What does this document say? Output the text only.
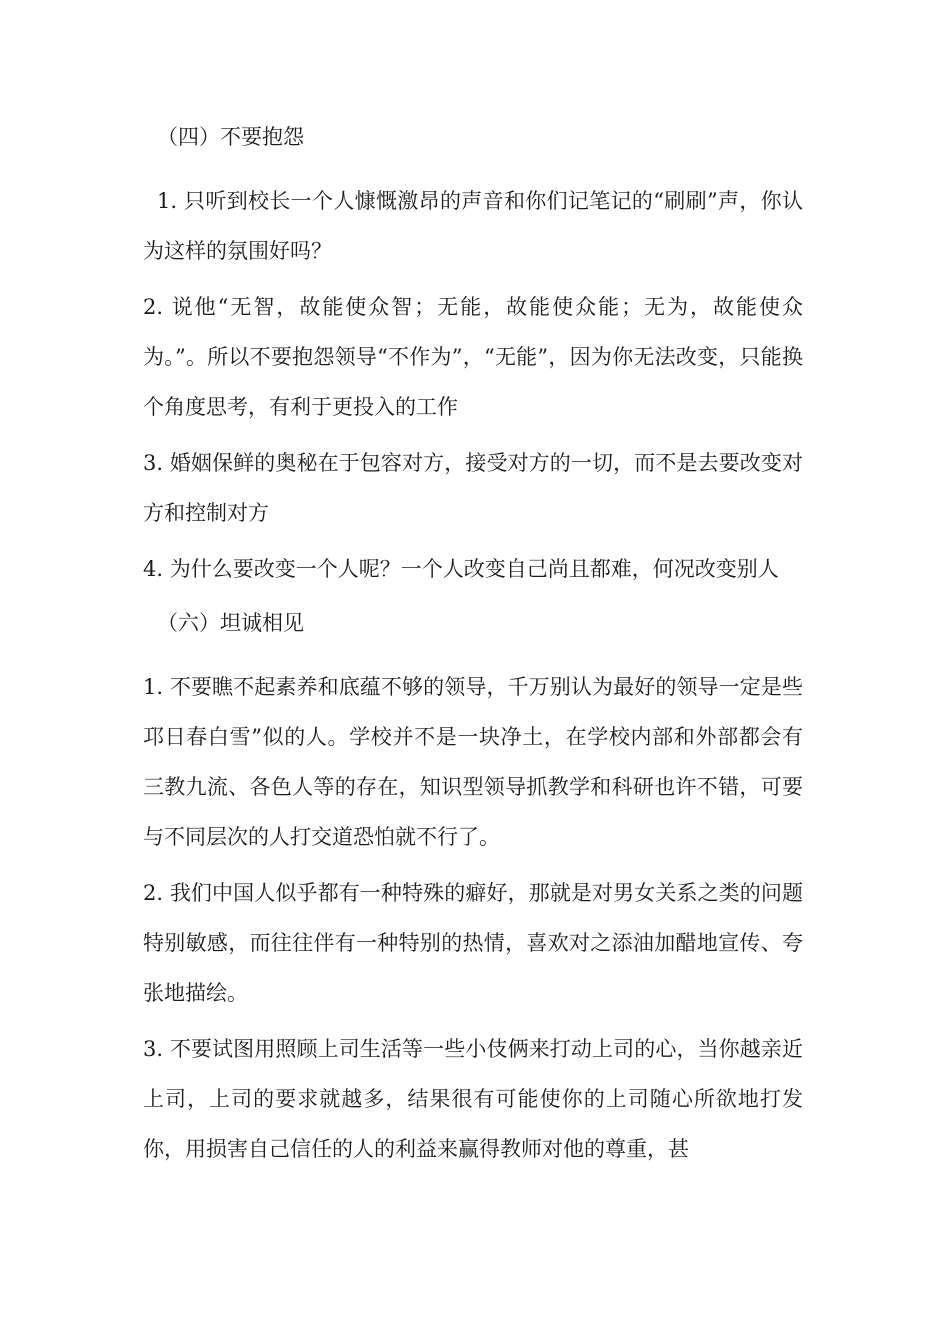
（四）不要抱怨

1. 只听到校长一个人慷慨激昂的声音和你们记笔记的“刷刷”声，你认为这样的氛围好吗？

2. 说他“无智，故能使众智；无能，故能使众能；无为，故能使众为。”。所以不要抱怨领导“不作为”，“无能”，因为你无法改变，只能换个角度思考，有利于更投入的工作

3. 婚姻保鲜的奥秘在于包容对方，接受对方的一切，而不是去要改变对方和控制对方

4. 为什么要改变一个人呢？一个人改变自己尚且都难，何况改变别人

（六）坦诚相见

1. 不要瞧不起素养和底蕴不够的领导，千万别认为最好的领导一定是些邛日春白雪”似的人。学校并不是一块净土，在学校内部和外部都会有三教九流、各色人等的存在，知识型领导抓教学和科研也许不错，可要与不同层次的人打交道恐怕就不行了。

2. 我们中国人似乎都有一种特殊的癖好，那就是对男女关系之类的问题特别敏感，而往往伴有一种特别的热情，喜欢对之添油加醋地宣传、夸张地描绘。

3. 不要试图用照顾上司生活等一些小伎俩来打动上司的心，当你越亲近上司，上司的要求就越多，结果很有可能使你的上司随心所欲地打发你，用损害自己信任的人的利益来赢得教师对他的尊重，甚
